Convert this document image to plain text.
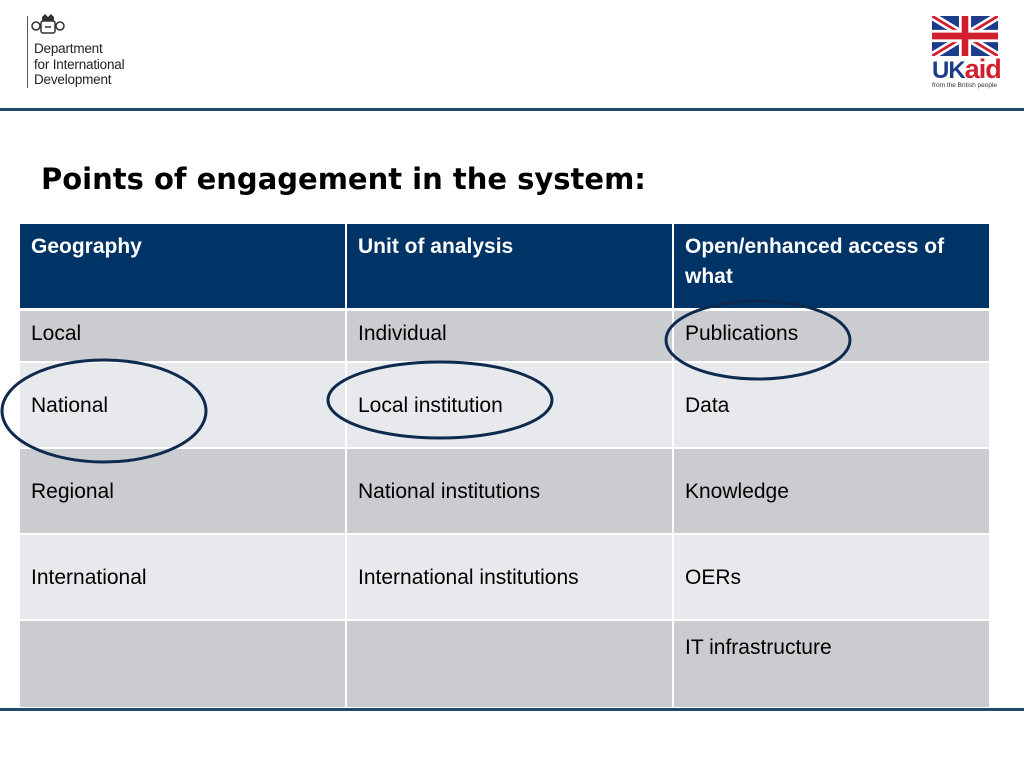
Department
for International
Development	UKaid
from the British people
Points of engagement in the system:
Geography	Unit of analysis	Open/enhanced access of what
Local	Individual	Publications
National	Local institution	Data
Regional	National institutions	Knowledge
International	International institutions	OERs
		IT infrastructure
